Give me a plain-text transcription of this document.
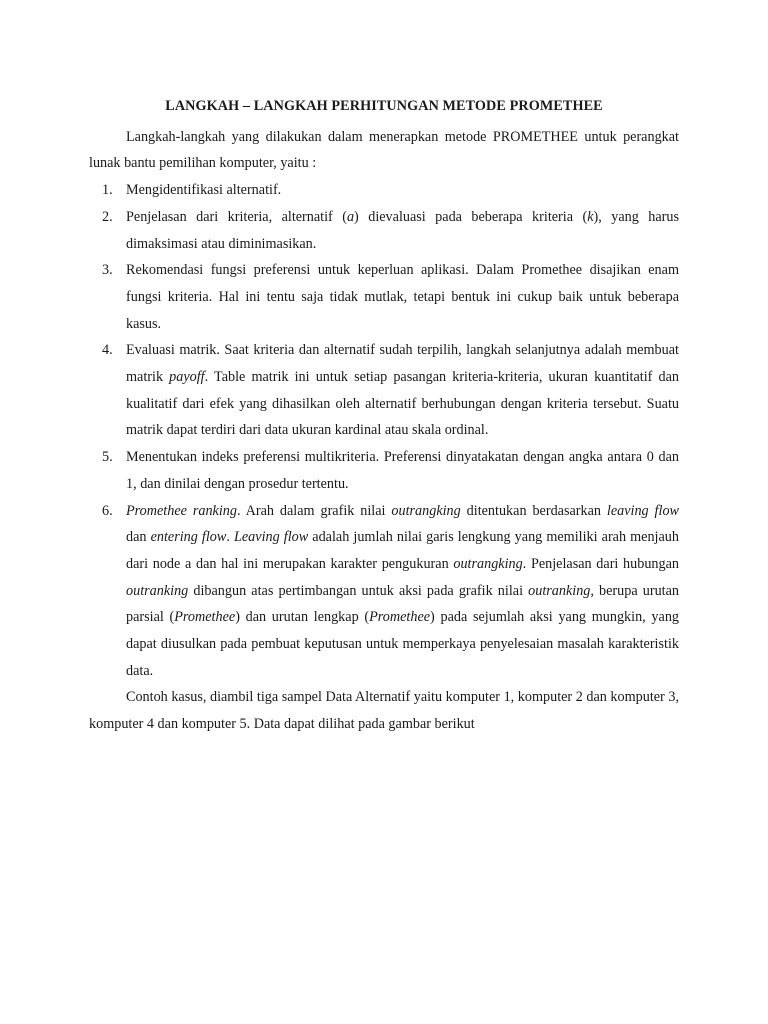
LANGKAH – LANGKAH PERHITUNGAN METODE PROMETHEE

Langkah-langkah yang dilakukan dalam menerapkan metode PROMETHEE untuk perangkat lunak bantu pemilihan komputer, yaitu :

1. Mengidentifikasi alternatif.
2. Penjelasan dari kriteria, alternatif (a) dievaluasi pada beberapa kriteria (k), yang harus dimaksimasi atau diminimasikan.
3. Rekomendasi fungsi preferensi untuk keperluan aplikasi. Dalam Promethee disajikan enam fungsi kriteria. Hal ini tentu saja tidak mutlak, tetapi bentuk ini cukup baik untuk beberapa kasus.
4. Evaluasi matrik. Saat kriteria dan alternatif sudah terpilih, langkah selanjutnya adalah membuat matrik payoff. Table matrik ini untuk setiap pasangan kriteria-kriteria, ukuran kuantitatif dan kualitatif dari efek yang dihasilkan oleh alternatif berhubungan dengan kriteria tersebut. Suatu matrik dapat terdiri dari data ukuran kardinal atau skala ordinal.
5. Menentukan indeks preferensi multikriteria. Preferensi dinyatakatan dengan angka antara 0 dan 1, dan dinilai dengan prosedur tertentu.
6. Promethee ranking. Arah dalam grafik nilai outrangking ditentukan berdasarkan leaving flow dan entering flow. Leaving flow adalah jumlah nilai garis lengkung yang memiliki arah menjauh dari node a dan hal ini merupakan karakter pengukuran outrangking. Penjelasan dari hubungan outranking dibangun atas pertimbangan untuk aksi pada grafik nilai outranking, berupa urutan parsial (Promethee) dan urutan lengkap (Promethee) pada sejumlah aksi yang mungkin, yang dapat diusulkan pada pembuat keputusan untuk memperkaya penyelesaian masalah karakteristik data.

Contoh kasus, diambil tiga sampel Data Alternatif yaitu komputer 1, komputer 2 dan komputer 3, komputer 4 dan komputer 5. Data dapat dilihat pada gambar berikut
